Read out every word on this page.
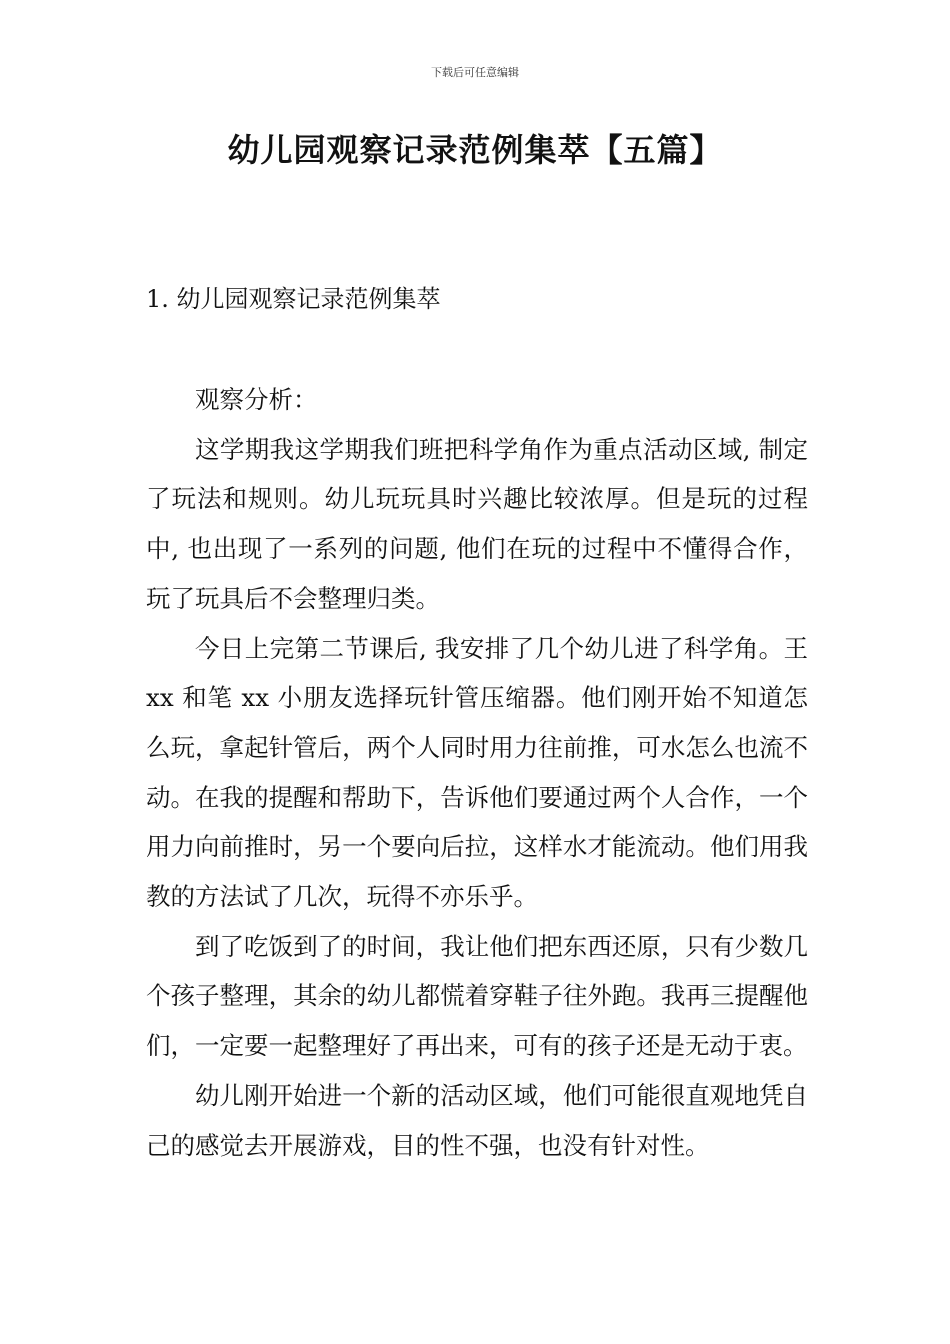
下载后可任意编辑
幼儿园观察记录范例集萃【五篇】
1. 幼儿园观察记录范例集萃

观察分析：

这学期我这学期我们班把科学角作为重点活动区域, 制定了玩法和规则。幼儿玩玩具时兴趣比较浓厚。但是玩的过程中, 也出现了一系列的问题, 他们在玩的过程中不懂得合作，玩了玩具后不会整理归类。

今日上完第二节课后, 我安排了几个幼儿进了科学角。王 xx 和笔 xx 小朋友选择玩针管压缩器。他们刚开始不知道怎么玩，拿起针管后，两个人同时用力往前推，可水怎么也流不动。在我的提醒和帮助下，告诉他们要通过两个人合作，一个用力向前推时，另一个要向后拉，这样水才能流动。他们用我教的方法试了几次，玩得不亦乐乎。

到了吃饭到了的时间，我让他们把东西还原，只有少数几个孩子整理，其余的幼儿都慌着穿鞋子往外跑。我再三提醒他们，一定要一起整理好了再出来，可有的孩子还是无动于衷。

幼儿刚开始进一个新的活动区域，他们可能很直观地凭自己的感觉去开展游戏，目的性不强，也没有针对性。
